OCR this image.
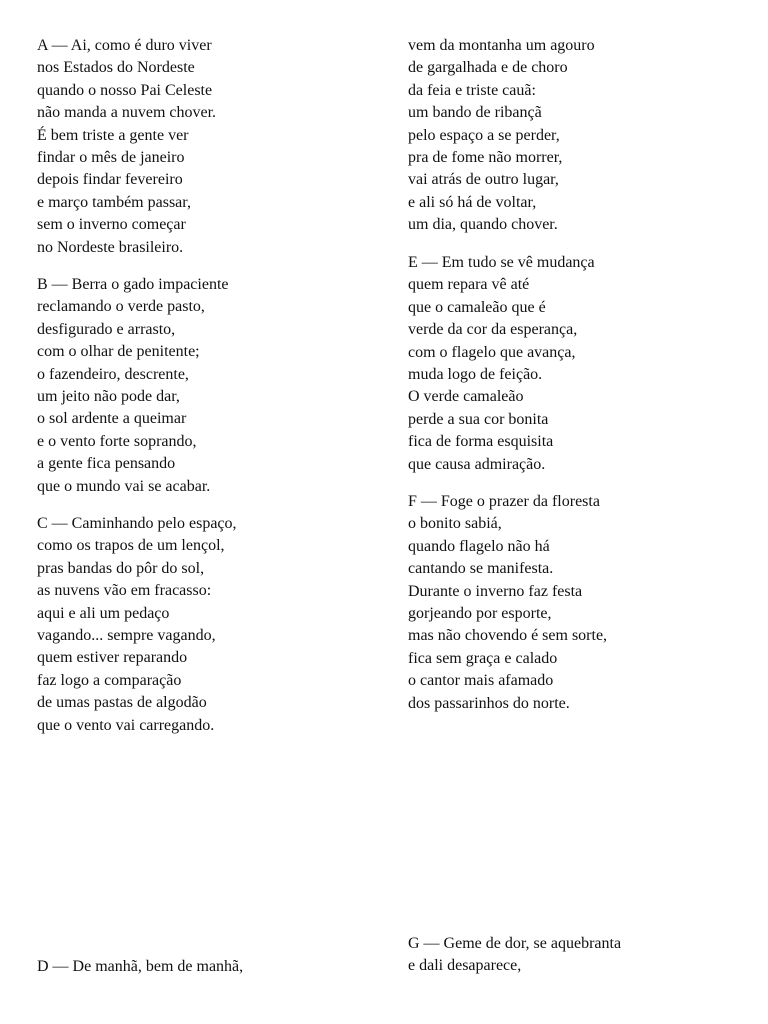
A — Ai, como é duro viver
nos Estados do Nordeste
quando o nosso Pai Celeste
não manda a nuvem chover.
É bem triste a gente ver
findar o mês de janeiro
depois findar fevereiro
e março também passar,
sem o inverno começar
no Nordeste brasileiro.
B — Berra o gado impaciente
reclamando o verde pasto,
desfigurado e arrasto,
com o olhar de penitente;
o fazendeiro, descrente,
um jeito não pode dar,
o sol ardente a queimar
e o vento forte soprando,
a gente fica pensando
que o mundo vai se acabar.
C — Caminhando pelo espaço,
como os trapos de um lençol,
pras bandas do pôr do sol,
as nuvens vão em fracasso:
aqui e ali um pedaço
vagando... sempre vagando,
quem estiver reparando
faz logo a comparação
de umas pastas de algodão
que o vento vai carregando.
D — De manhã, bem de manhã,
vem da montanha um agouro
de gargalhada e de choro
da feia e triste cauã:
um bando de ribançã
pelo espaço a se perder,
pra de fome não morrer,
vai atrás de outro lugar,
e ali só há de voltar,
um dia, quando chover.
E — Em tudo se vê mudança
quem repara vê até
que o camaleão que é
verde da cor da esperança,
com o flagelo que avança,
muda logo de feição.
O verde camaleão
perde a sua cor bonita
fica de forma esquisita
que causa admiração.
F — Foge o prazer da floresta
o bonito sabiá,
quando flagelo não há
cantando se manifesta.
Durante o inverno faz festa
gorjeando por esporte,
mas não chovendo é sem sorte,
fica sem graça e calado
o cantor mais afamado
dos passarinhos do norte.
G — Geme de dor, se aquebranta
e dali desaparece,
